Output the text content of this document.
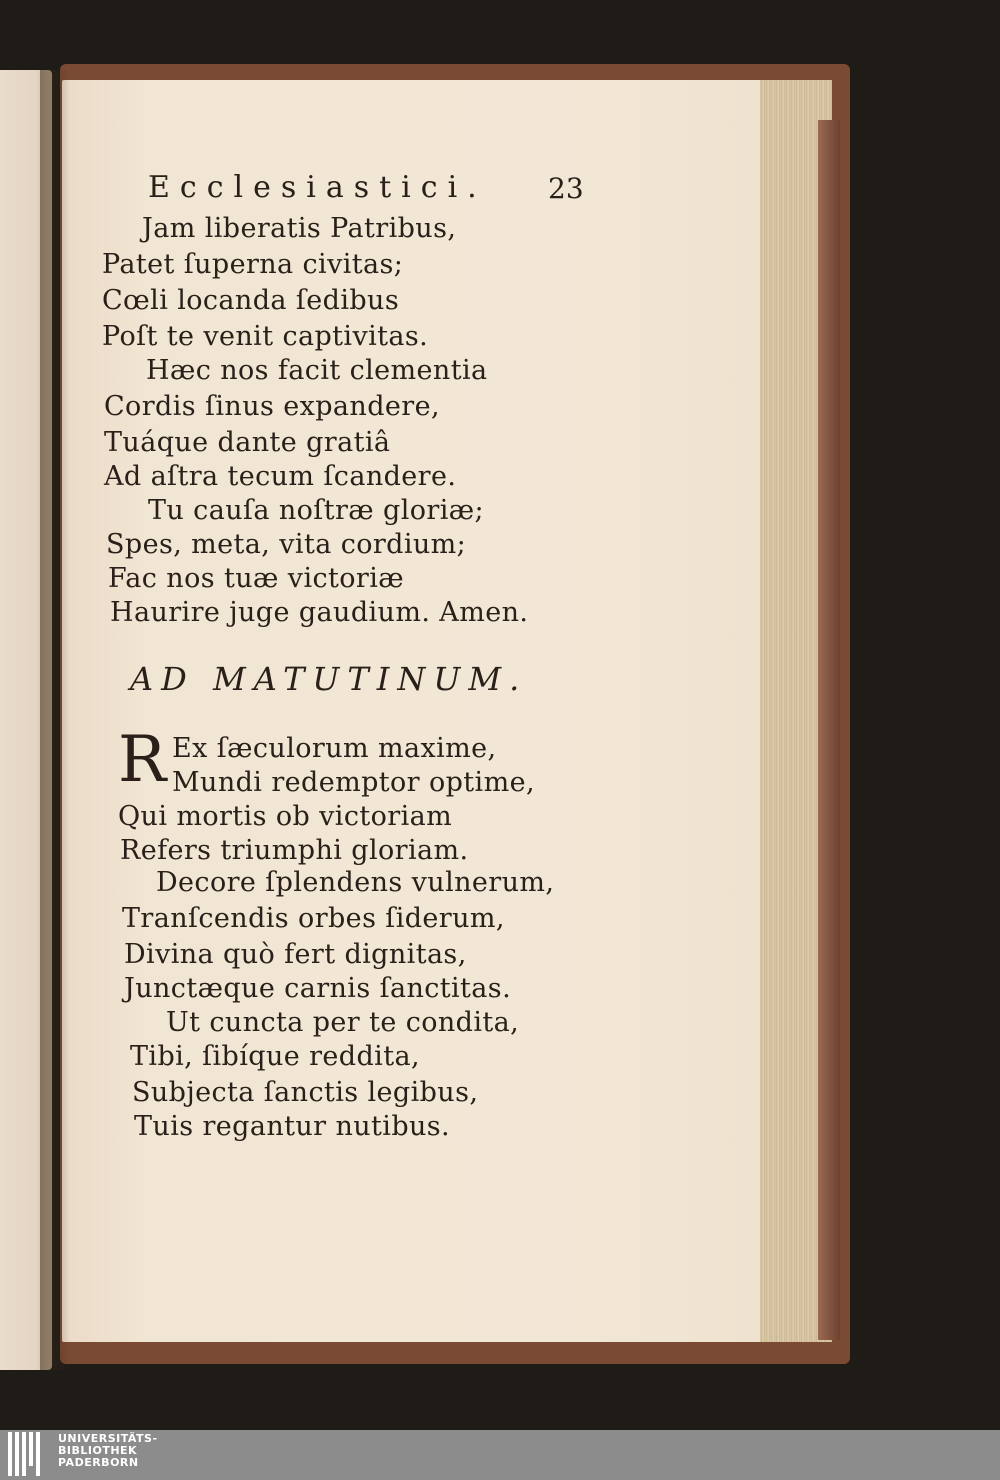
Ecclesiastici. 23
Jam liberatis Patribus,
Patet ſuperna civitas;
Cœli locanda ſedibus
Poſt te venit captivitas.
Hæc nos facit clementia
Cordis ſinus expandere,
Tuáque dante gratiâ
Ad aſtra tecum ſcandere.
Tu cauſa noſtræ gloriæ;
Spes, meta, vita cordium;
Fac nos tuæ victoriæ
Haurire juge gaudium. Amen.
AD MATUTINUM.
R Ex ſæculorum maxime,
Mundi redemptor optime,
Qui mortis ob victoriam
Refers triumphi gloriam.
Decore ſplendens vulnerum,
Tranſcendis orbes ſiderum,
Divina quò fert dignitas,
Junctæque carnis ſanctitas.
Ut cuncta per te condita,
Tibi, ſibíque reddita,
Subjecta ſanctis legibus,
Tuis regantur nutibus.
UNIVERSITÄTS-
BIBLIOTHEK
PADERBORN
